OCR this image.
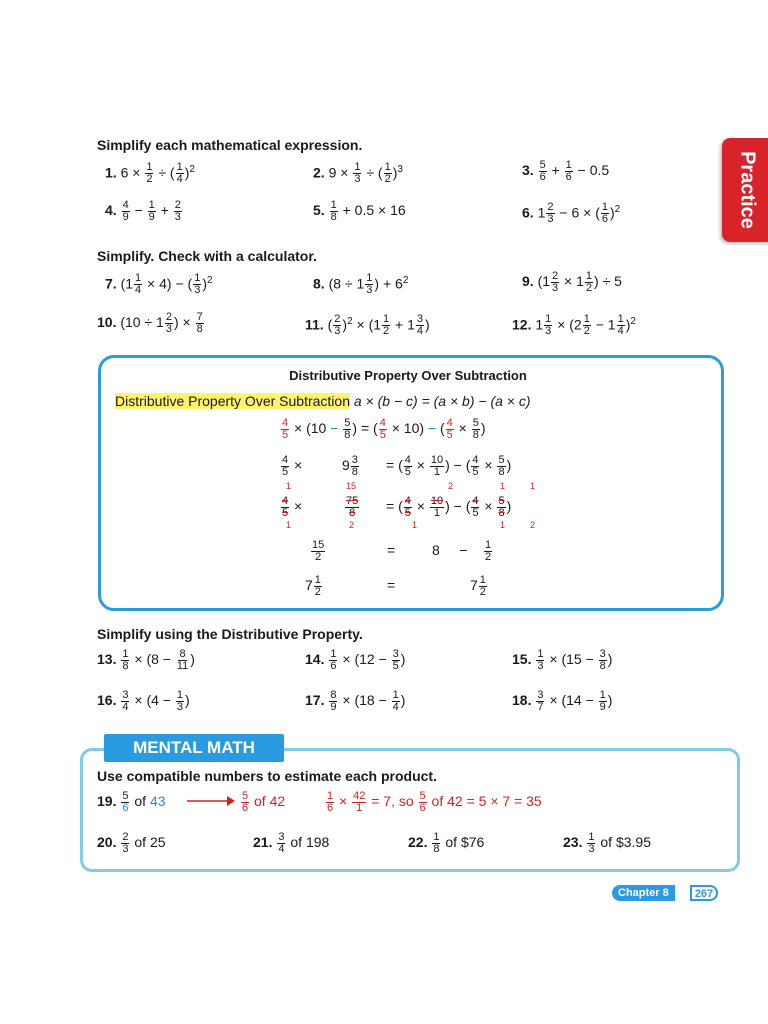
Practice
Simplify each mathematical expression.
1. $6 \times \frac{1}{2}$ ÷ ( $\frac{1}{4} )^2$	2. $9 \times \frac{1}{3}$ ÷ ( $\frac{1}{2} )^3$	3. $\frac{5}{6} + \frac{1}{6} - 0.5$
4. $\frac{4}{9} - \frac{1}{9} + \frac{2}{3}$	5. $\frac{1}{8} + 0.5 \times 16$	6. $1 \frac{2}{3} - 6$ × ( $\frac{1}{6} )^2$
Simplify. Check with a calculator.
7. $(1 \frac{1}{4} \times 4)$ − ( $\frac{1}{3} )^2$	8. ($8 \div 1 \frac{1}{3}$ ) + $6^2$	9. ($1 \frac{2}{3} \times 1 \frac{1}{2}$ ) ÷ 5
10. ($10 \div 1 \frac{2}{3}$ ) × $\frac{7}{8}$	11. ( $\frac{2}{3} )^2 \times (1 \frac{1}{2} + 1 \frac{3}{4}$ )	12. $1 \frac{1}{3} \times (2 \frac{1}{2} - 1 \frac{1}{4} )^2$
Distributive Property Over Subtraction
Distributive Property Over Subtraction a × (b − c) = (a × b) − (a × c)
$\frac{4}{5} \times (10 - \frac{5}{8}$ ) = ( $\frac{4}{5} \times 10$) − ( $\frac{4}{5} \times \frac{5}{8}$ )
$\frac{4}{5}$ ×	$9 \frac{3}{8}$ = ( $\frac{4}{5} \times \frac{10}{1}$ ) − ( $\frac{4}{5} \times \frac{5}{8}$ )
$\frac{4}{5}$ ×	$\frac{75}{8}$ = ( $\frac{4}{5} \times \frac{10}{1}$ ) − ( $\frac{4}{5} \times \frac{5}{8}$ )
1
1
15
2	1
2	1
1
1
2
$\frac{15}{2}$	=	8     − $\frac{1}{2}$
$7 \frac{1}{2}$	=	$7 \frac{1}{2}$
Simplify using the Distributive Property.
13. $\frac{1}{8} \times (8 - \frac{8}{11}$ )	14. $\frac{1}{6} \times (12 - \frac{3}{5}$ )	15. $\frac{1}{3} \times (15 - \frac{3}{8}$ )
16. $\frac{3}{4} \times (4 - \frac{1}{3}$ )	17. $\frac{8}{9} \times (18 - \frac{1}{4}$ )	18. $\frac{3}{7} \times (14 - \frac{1}{9}$ )
MENTAL MATH
Use compatible numbers to estimate each product.
19. $\frac{5}{6}$ of 43	$\frac{5}{6}$ of 42	$\frac{1}{6} \times \frac{42}{1} = 7$, so $\frac{5}{6}$ of 42 = 5 × 7 = 35
20. $\frac{2}{3}$ of 25	21. $\frac{3}{4}$ of 198	22. $\frac{1}{8}$ of $76	23. $\frac{1}{3}$ of $3.95
Chapter 8	267
